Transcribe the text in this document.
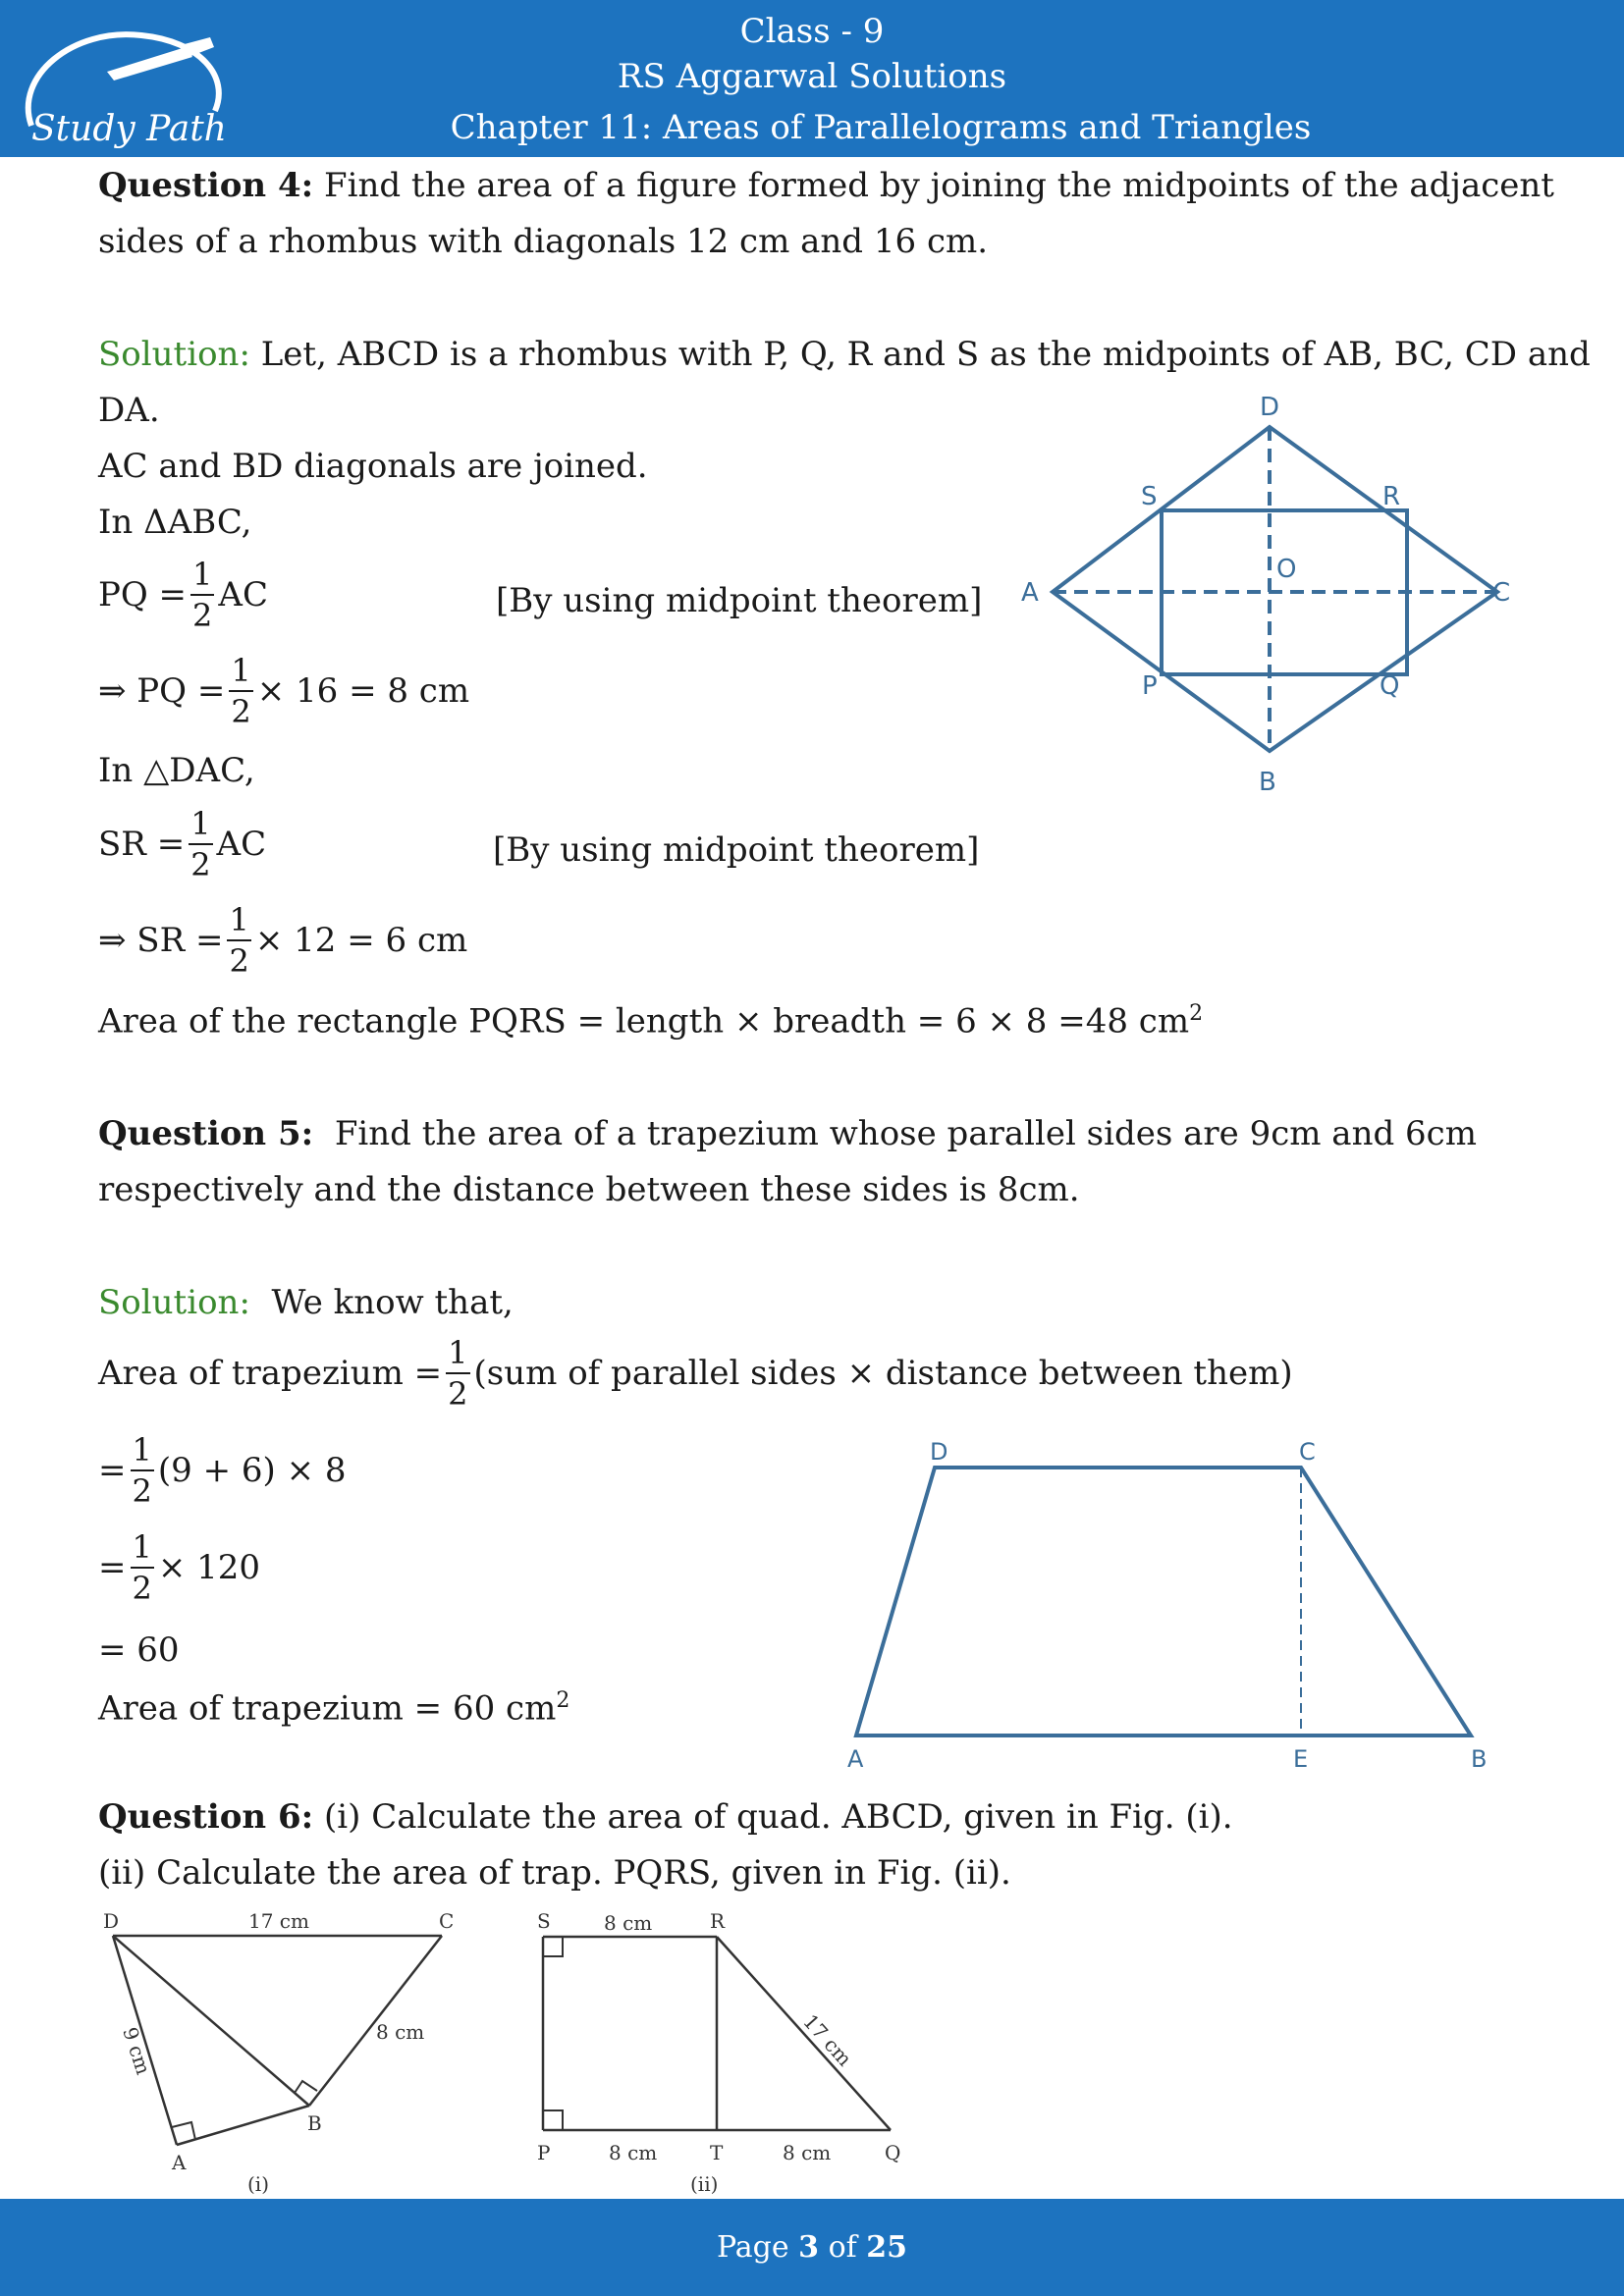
Study Path
Class - 9
RS Aggarwal Solutions
Chapter 11: Areas of Parallelograms and Triangles
Question 4: Find the area of a figure formed by joining the midpoints of the adjacent
sides of a rhombus with diagonals 12 cm and 16 cm.
Solution: Let, ABCD is a rhombus with P, Q, R and S as the midpoints of AB, BC, CD and
DA.
AC and BD diagonals are joined.
In ΔABC,
PQ = $\frac{1}{2}$ AC	[By using midpoint theorem]
⇒ PQ = $\frac{1}{2} \times 16 = 8$ cm
In △DAC,
SR = $\frac{1}{2}$ AC	[By using midpoint theorem]
⇒ SR = $\frac{1}{2} \times 12 = 6$ cm
Area of the rectangle PQRS = length × breadth = 6 × 8 =48 $cm^2$
D
B
A	C
O
S	R
P	Q
Question 5: Find the area of a trapezium whose parallel sides are 9cm and 6cm
respectively and the distance between these sides is 8cm.
Solution: We know that,
Area of trapezium = $\frac{1}{2} (sum$ of parallel sides × distance between them)
= $\frac{1}{2} (9 + 6) \times 8$
= $\frac{1}{2} \times 120$
= 60
Area of trapezium = 60 $cm^2$
D	C
A	E	B
Question 6: (i) Calculate the area of quad. ABCD, given in Fig. (i).
(ii) Calculate the area of trap. PQRS, given in Fig. (ii).
D	C
A
B
17 cm
8 cm
9 cm
(i)
S	R
P	T	Q
8 cm
8 cm	8 cm
17 cm
(ii)
Page 3 of 25
